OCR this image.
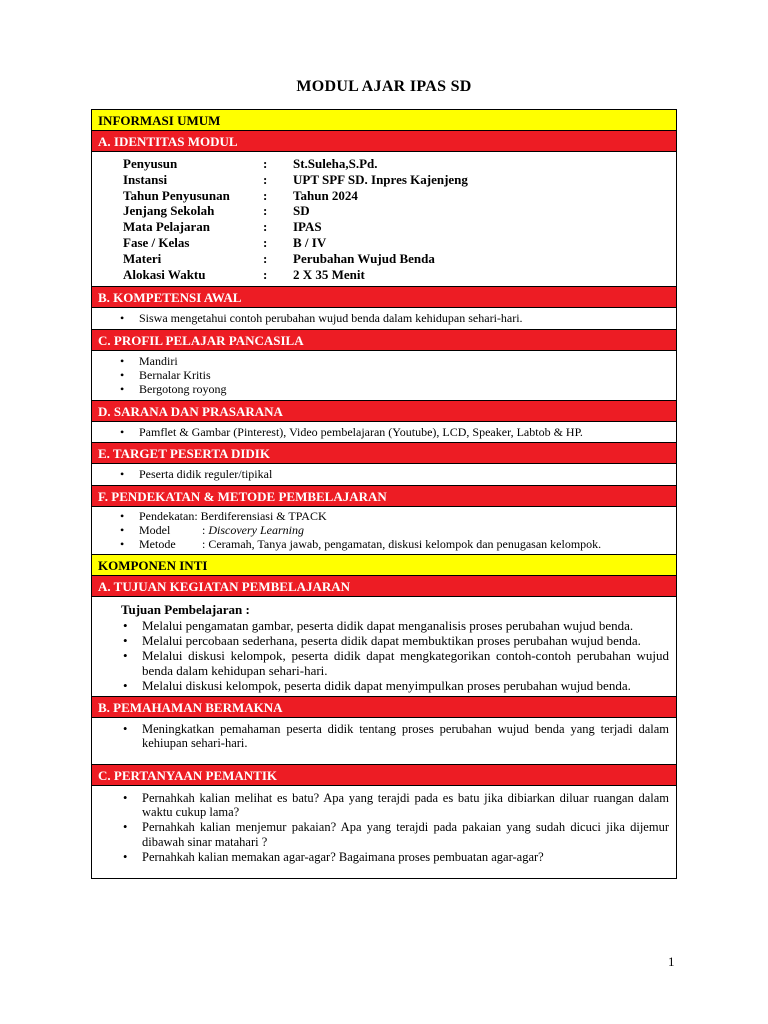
MODUL AJAR IPAS SD
INFORMASI UMUM
A. IDENTITAS MODUL
Penyusun	: St.Suleha,S.Pd.
Instansi	: UPT SPF SD. Inpres Kajenjeng
Tahun Penyusunan	: Tahun 2024
Jenjang Sekolah	: SD
Mata Pelajaran	: IPAS
Fase / Kelas	: B / IV
Materi	: Perubahan Wujud Benda
Alokasi Waktu	: 2 X 35 Menit
B. KOMPETENSI AWAL
• Siswa mengetahui contoh perubahan wujud benda dalam kehidupan sehari-hari.
C. PROFIL PELAJAR PANCASILA
• Mandiri
• Bernalar Kritis
• Bergotong royong
D. SARANA DAN PRASARANA
• Pamflet & Gambar (Pinterest), Video pembelajaran (Youtube), LCD, Speaker, Labtob & HP.
E. TARGET PESERTA DIDIK
• Peserta didik reguler/tipikal
F. PENDEKATAN & METODE PEMBELAJARAN
• Pendekatan: Berdiferensiasi & TPACK
• Model	: Discovery Learning
• Metode : Ceramah, Tanya jawab, pengamatan, diskusi kelompok dan penugasan kelompok.
KOMPONEN INTI
A. TUJUAN KEGIATAN PEMBELAJARAN
Tujuan Pembelajaran :
• Melalui pengamatan gambar, peserta didik dapat menganalisis proses perubahan wujud benda.
• Melalui percobaan sederhana, peserta didik dapat membuktikan proses perubahan wujud benda.
• Melalui diskusi kelompok, peserta didik dapat mengkategorikan contoh-contoh perubahan wujud benda dalam kehidupan sehari-hari.
• Melalui diskusi kelompok, peserta didik dapat menyimpulkan proses perubahan wujud benda.
B. PEMAHAMAN BERMAKNA
• Meningkatkan pemahaman peserta didik tentang proses perubahan wujud benda yang terjadi dalam kehiupan sehari-hari.
C. PERTANYAAN PEMANTIK
• Pernahkah kalian melihat es batu? Apa yang terajdi pada es batu jika dibiarkan diluar ruangan dalam waktu cukup lama?
• Pernahkah kalian menjemur pakaian? Apa yang terajdi pada pakaian yang sudah dicuci jika dijemur dibawah sinar matahari ?
• Pernahkah kalian memakan agar-agar? Bagaimana proses pembuatan agar-agar?
1
